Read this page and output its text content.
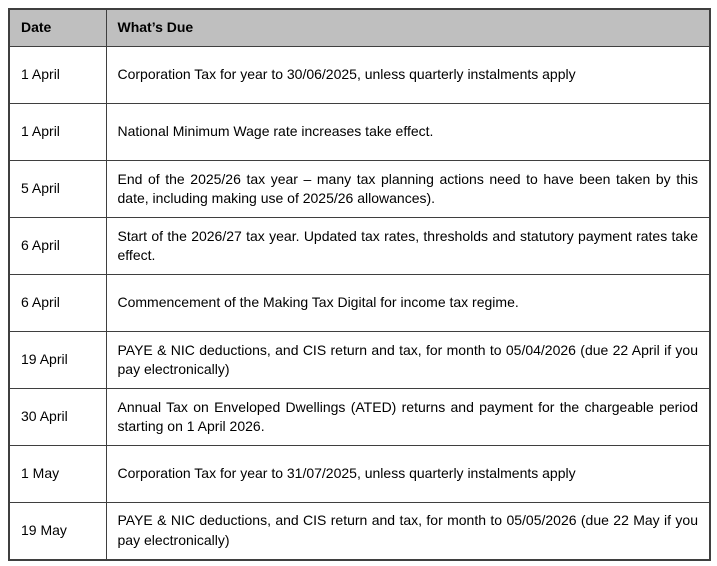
Date	What’s Due
1 April	Corporation Tax for year to 30/06/2025, unless quarterly instalments apply
1 April	National Minimum Wage rate increases take effect.
5 April	End of the 2025/26 tax year – many tax planning actions need to have been taken by this date, including making use of 2025/26 allowances).
6 April	Start of the 2026/27 tax year. Updated tax rates, thresholds and statutory payment rates take effect.
6 April	Commencement of the Making Tax Digital for income tax regime.
19 April	PAYE & NIC deductions, and CIS return and tax, for month to 05/04/2026 (due 22 April if you pay electronically)
30 April	Annual Tax on Enveloped Dwellings (ATED) returns and payment for the chargeable period starting on 1 April 2026.
1 May	Corporation Tax for year to 31/07/2025, unless quarterly instalments apply
19 May	PAYE & NIC deductions, and CIS return and tax, for month to 05/05/2026 (due 22 May if you pay electronically)
